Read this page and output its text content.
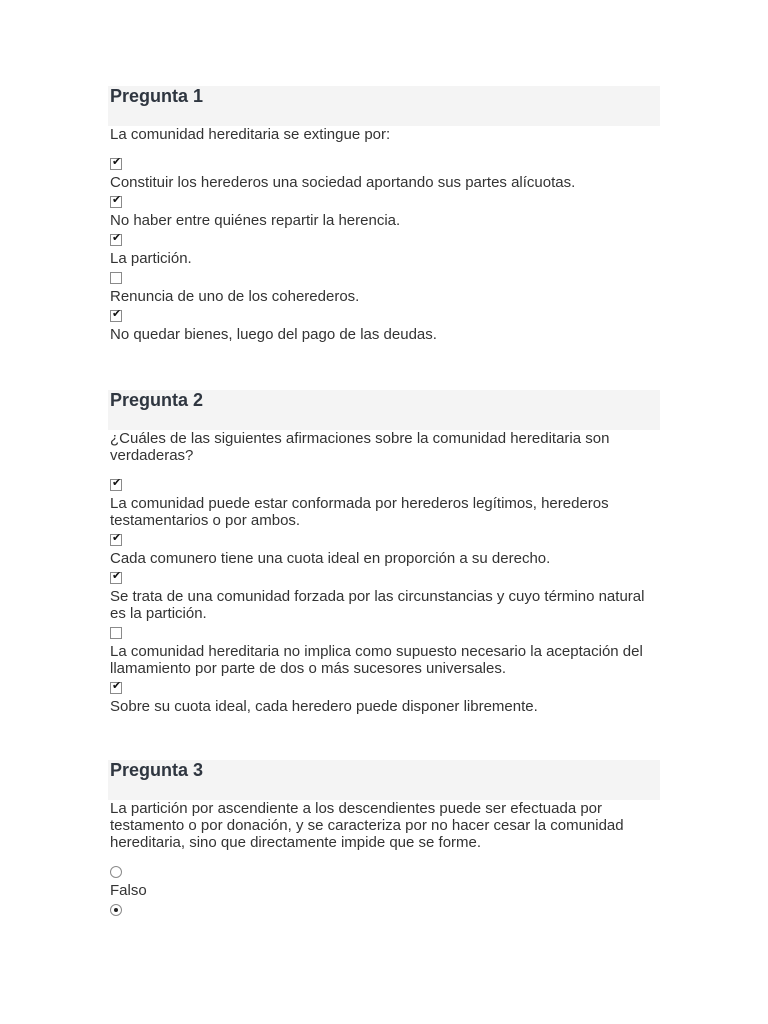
Pregunta 1

La comunidad hereditaria se extingue por:

✔
Constituir los herederos una sociedad aportando sus partes alícuotas.
✔
No haber entre quiénes repartir la herencia.
✔
La partición.
Renuncia de uno de los coherederos.
✔
No quedar bienes, luego del pago de las deudas.
Pregunta 2

¿Cuáles de las siguientes afirmaciones sobre la comunidad hereditaria son verdaderas?

✔
La comunidad puede estar conformada por herederos legítimos, herederos testamentarios o por ambos.
✔
Cada comunero tiene una cuota ideal en proporción a su derecho.
✔
Se trata de una comunidad forzada por las circunstancias y cuyo término natural es la partición.
La comunidad hereditaria no implica como supuesto necesario la aceptación del llamamiento por parte de dos o más sucesores universales.
✔
Sobre su cuota ideal, cada heredero puede disponer libremente.
Pregunta 3

La partición por ascendiente a los descendientes puede ser efectuada por testamento o por donación, y se caracteriza por no hacer cesar la comunidad hereditaria, sino que directamente impide que se forme.

Falso
